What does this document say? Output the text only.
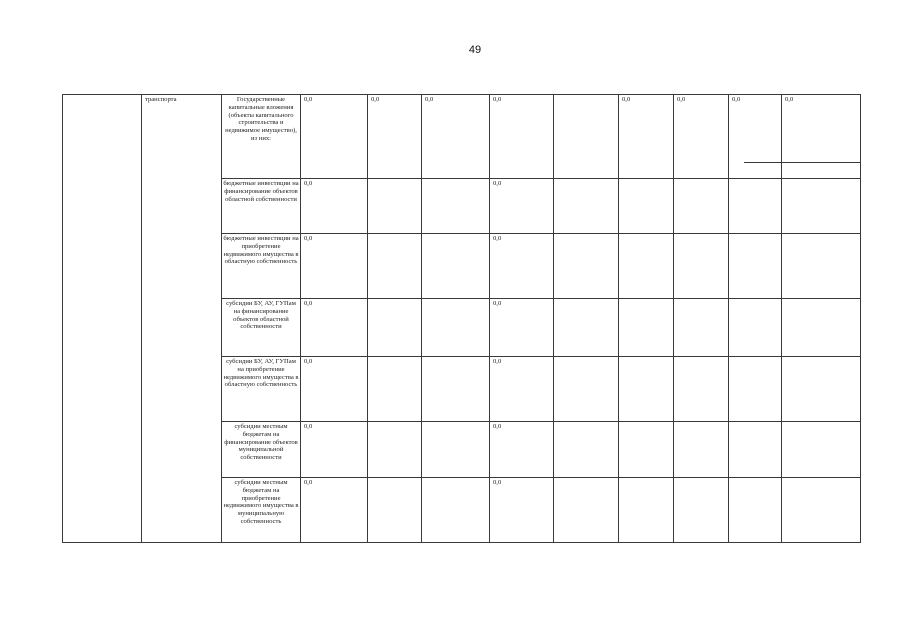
49
	транспорта	Государственные капитальные вложения (объекты капитального строительства и недвижимое имущество), из них:	0,0	0,0	0,0	0,0		0,0	0,0	0,0	0,0
		бюджетные инвестиции на финансирование объектов областной собственности	0,0			0,0					
		бюджетные инвестиции на приобретение недвижимого имущества в областную собственность	0,0			0,0					
		субсидии БУ, АУ, ГУПам на финансирование объектов областной собственности	0,0			0,0					
		субсидии БУ, АУ, ГУПам на приобретение недвижимого имущества в областную собственность	0,0			0,0					
		субсидии местным бюджетам на финансирование объектов муниципальной собственности	0,0			0,0					
		субсидии местным бюджетам на приобретение недвижимого имущества в муниципальную собственность	0,0			0,0					
